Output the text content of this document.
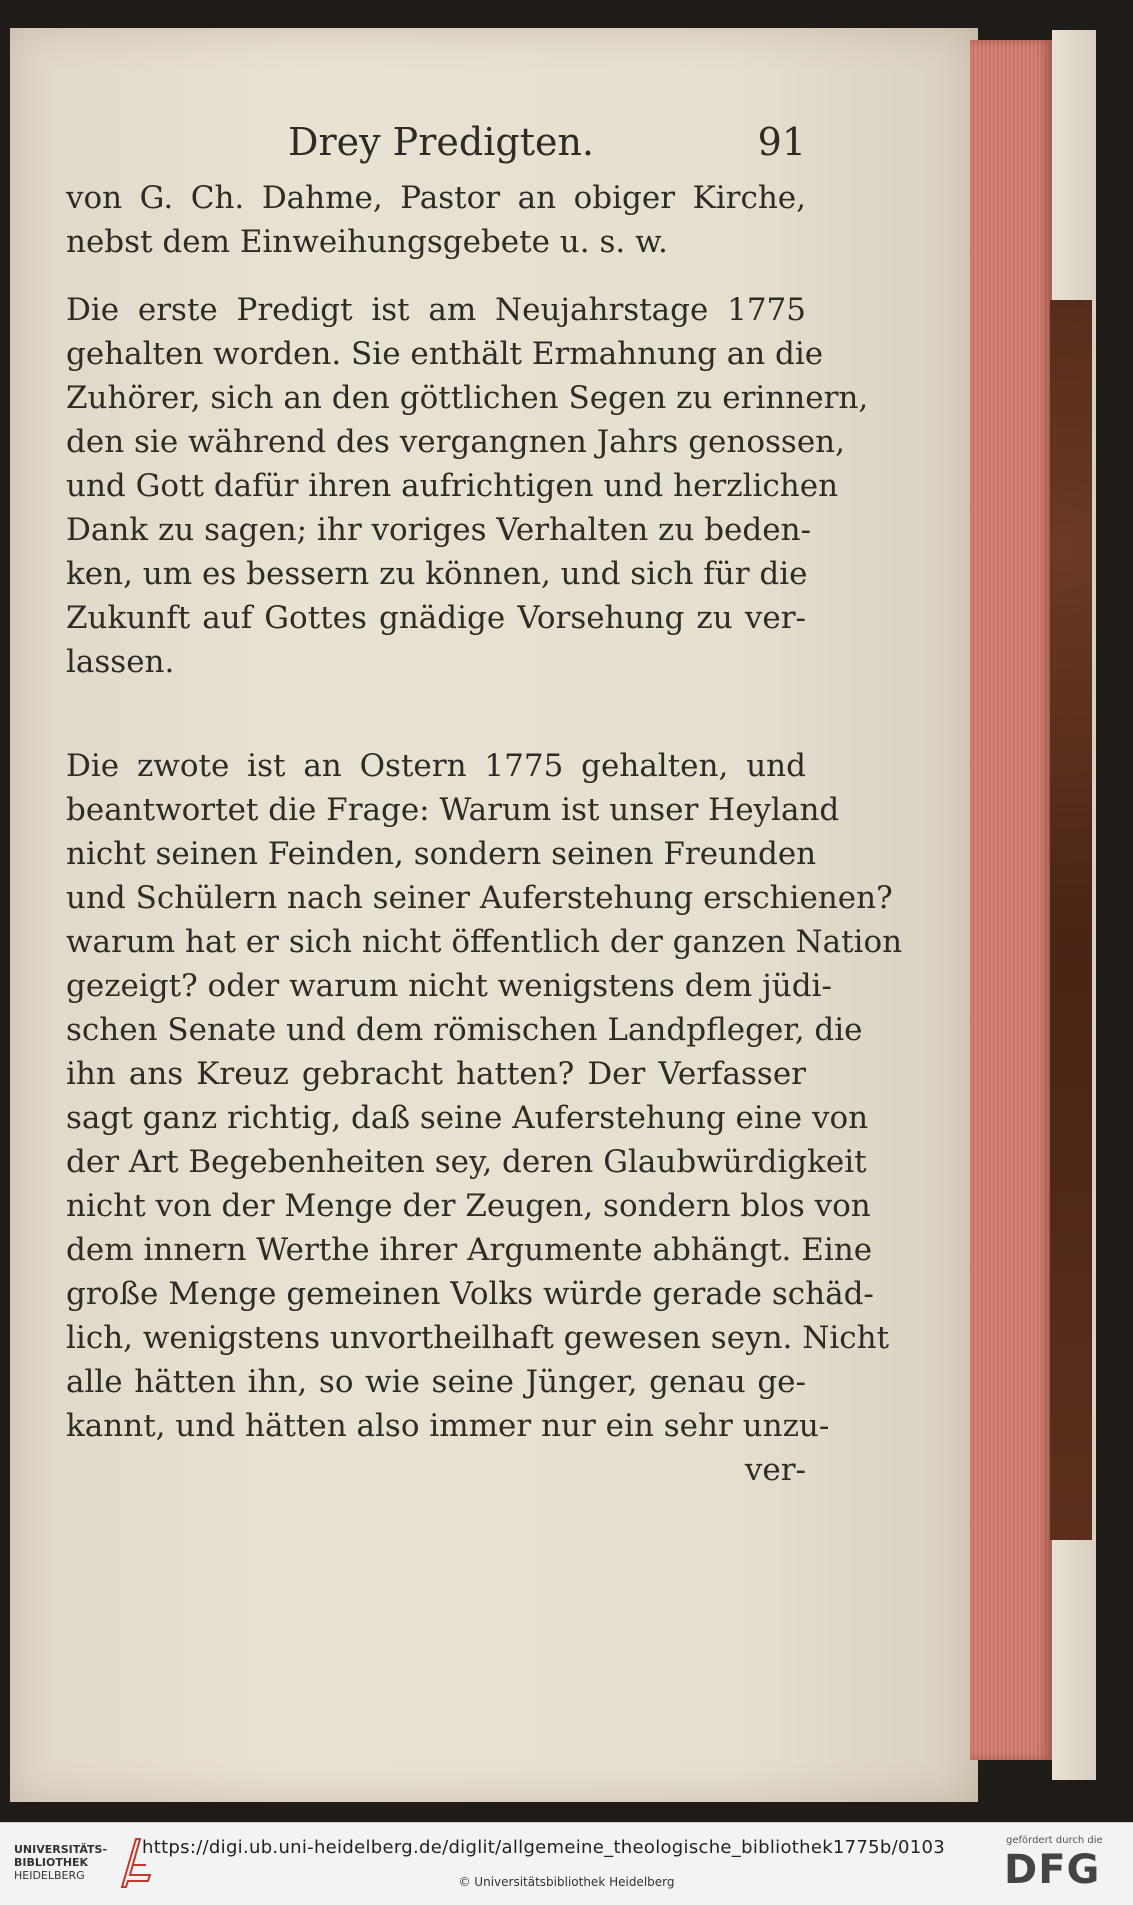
Drey Predigten.	91
von G. Ch. Dahme, Pastor an obiger Kirche,
nebst dem Einweihungsgebete u. s. w.
Die erste Predigt ist am Neujahrstage 1775
gehalten worden. Sie enthält Ermahnung an die
Zuhörer, sich an den göttlichen Segen zu erinnern,
den sie während des vergangnen Jahrs genossen,
und Gott dafür ihren aufrichtigen und herzlichen
Dank zu sagen; ihr voriges Verhalten zu beden-
ken, um es bessern zu können, und sich für die
Zukunft auf Gottes gnädige Vorsehung zu ver-
lassen.
Die zwote ist an Ostern 1775 gehalten, und
beantwortet die Frage: Warum ist unser Heyland
nicht seinen Feinden, sondern seinen Freunden
und Schülern nach seiner Auferstehung erschienen?
warum hat er sich nicht öffentlich der ganzen Nation
gezeigt? oder warum nicht wenigstens dem jüdi-
schen Senate und dem römischen Landpfleger, die
ihn ans Kreuz gebracht hatten? Der Verfasser
sagt ganz richtig, daß seine Auferstehung eine von
der Art Begebenheiten sey, deren Glaubwürdigkeit
nicht von der Menge der Zeugen, sondern blos von
dem innern Werthe ihrer Argumente abhängt. Eine
große Menge gemeinen Volks würde gerade schäd-
lich, wenigstens unvortheilhaft gewesen seyn. Nicht
alle hätten ihn, so wie seine Jünger, genau ge-
kannt, und hätten also immer nur ein sehr unzu-
ver-
UNIVERSITÄTS-
BIBLIOTHEK
HEIDELBERG
https://digi.ub.uni-heidelberg.de/diglit/allgemeine_theologische_bibliothek1775b/0103
© Universitätsbibliothek Heidelberg
gefördert durch die
DFG
